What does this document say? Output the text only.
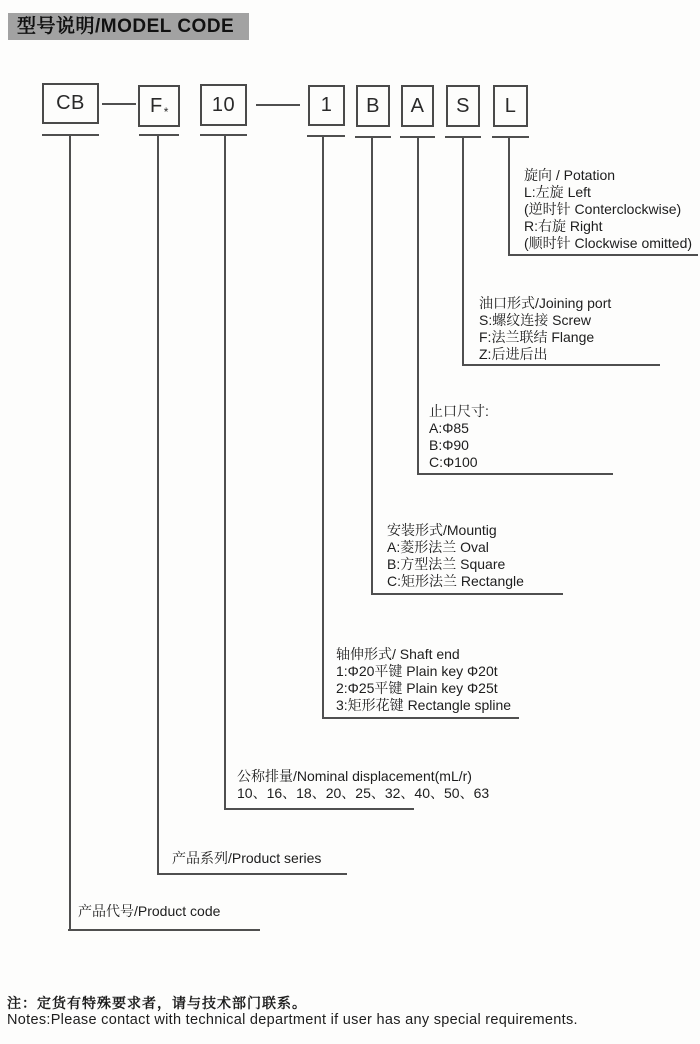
型号说明/MODEL CODE
CB	F * 10	1 B A S L
旋向 / Potation
L:左旋 Left
(逆时针 Conterclockwise)
R:右旋 Right
(顺时针 Clockwise omitted)
油口形式/Joining port
S:螺纹连接 Screw
F:法兰联结 Flange
Z:后进后出
止口尺寸:
A:Φ85
B:Φ90
C:Φ100
安装形式/Mountig
A:菱形法兰 Oval
B:方型法兰 Square
C:矩形法兰 Rectangle
轴伸形式/ Shaft end
1:Φ20平键 Plain key Φ20t
2:Φ25平键 Plain key Φ25t
3:矩形花键 Rectangle spline
公称排量/Nominal displacement(mL/r)
10、16、18、20、25、32、40、50、63
产品系列/Product series
产品代号/Product code
注：定货有特殊要求者，请与技术部门联系。
Notes:Please contact with technical department if user has any special requirements.
